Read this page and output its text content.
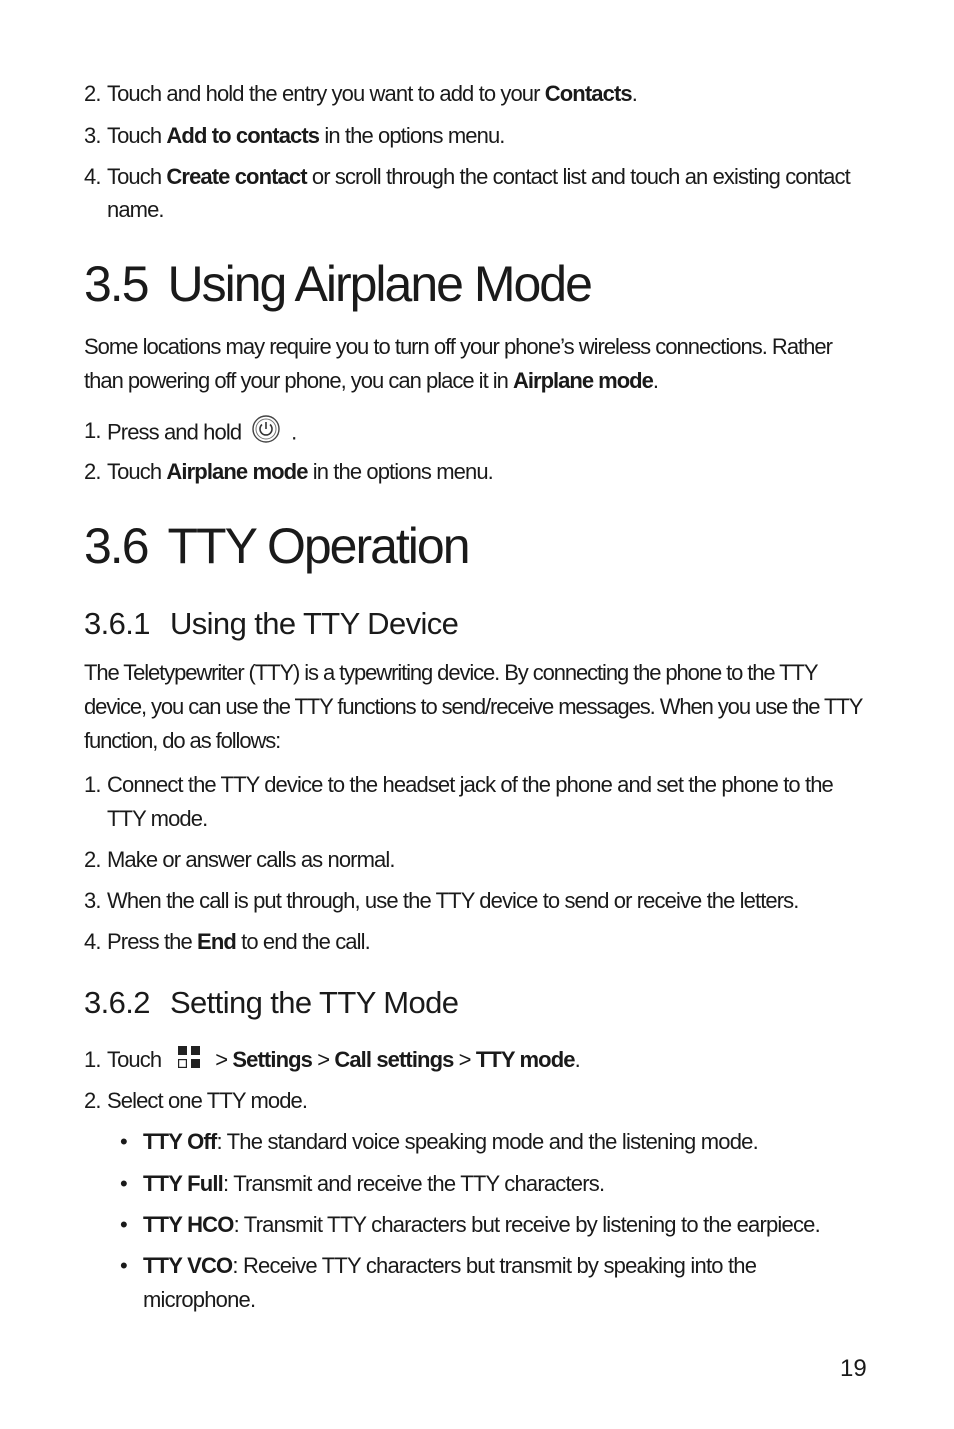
2. Touch and hold the entry you want to add to your Contacts.
3. Touch Add to contacts in the options menu.
4. Touch Create contact or scroll through the contact list and touch an existing contact name.
3.5 Using Airplane Mode
Some locations may require you to turn off your phone’s wireless connections. Rather than powering off your phone, you can place it in Airplane mode.
1. Press and hold .
2. Touch Airplane mode in the options menu.
3.6 TTY Operation
3.6.1 Using the TTY Device
The Teletypewriter (TTY) is a typewriting device. By connecting the phone to the TTY device, you can use the TTY functions to send/receive messages. When you use the TTY function, do as follows:
1. Connect the TTY device to the headset jack of the phone and set the phone to the TTY mode.
2. Make or answer calls as normal.
3. When the call is put through, use the TTY device to send or receive the letters.
4. Press the End to end the call.
3.6.2 Setting the TTY Mode
1. Touch > Settings > Call settings > TTY mode.
2. Select one TTY mode.
• TTY Off: The standard voice speaking mode and the listening mode.
• TTY Full: Transmit and receive the TTY characters.
• TTY HCO: Transmit TTY characters but receive by listening to the earpiece.
• TTY VCO: Receive TTY characters but transmit by speaking into the microphone.
19
